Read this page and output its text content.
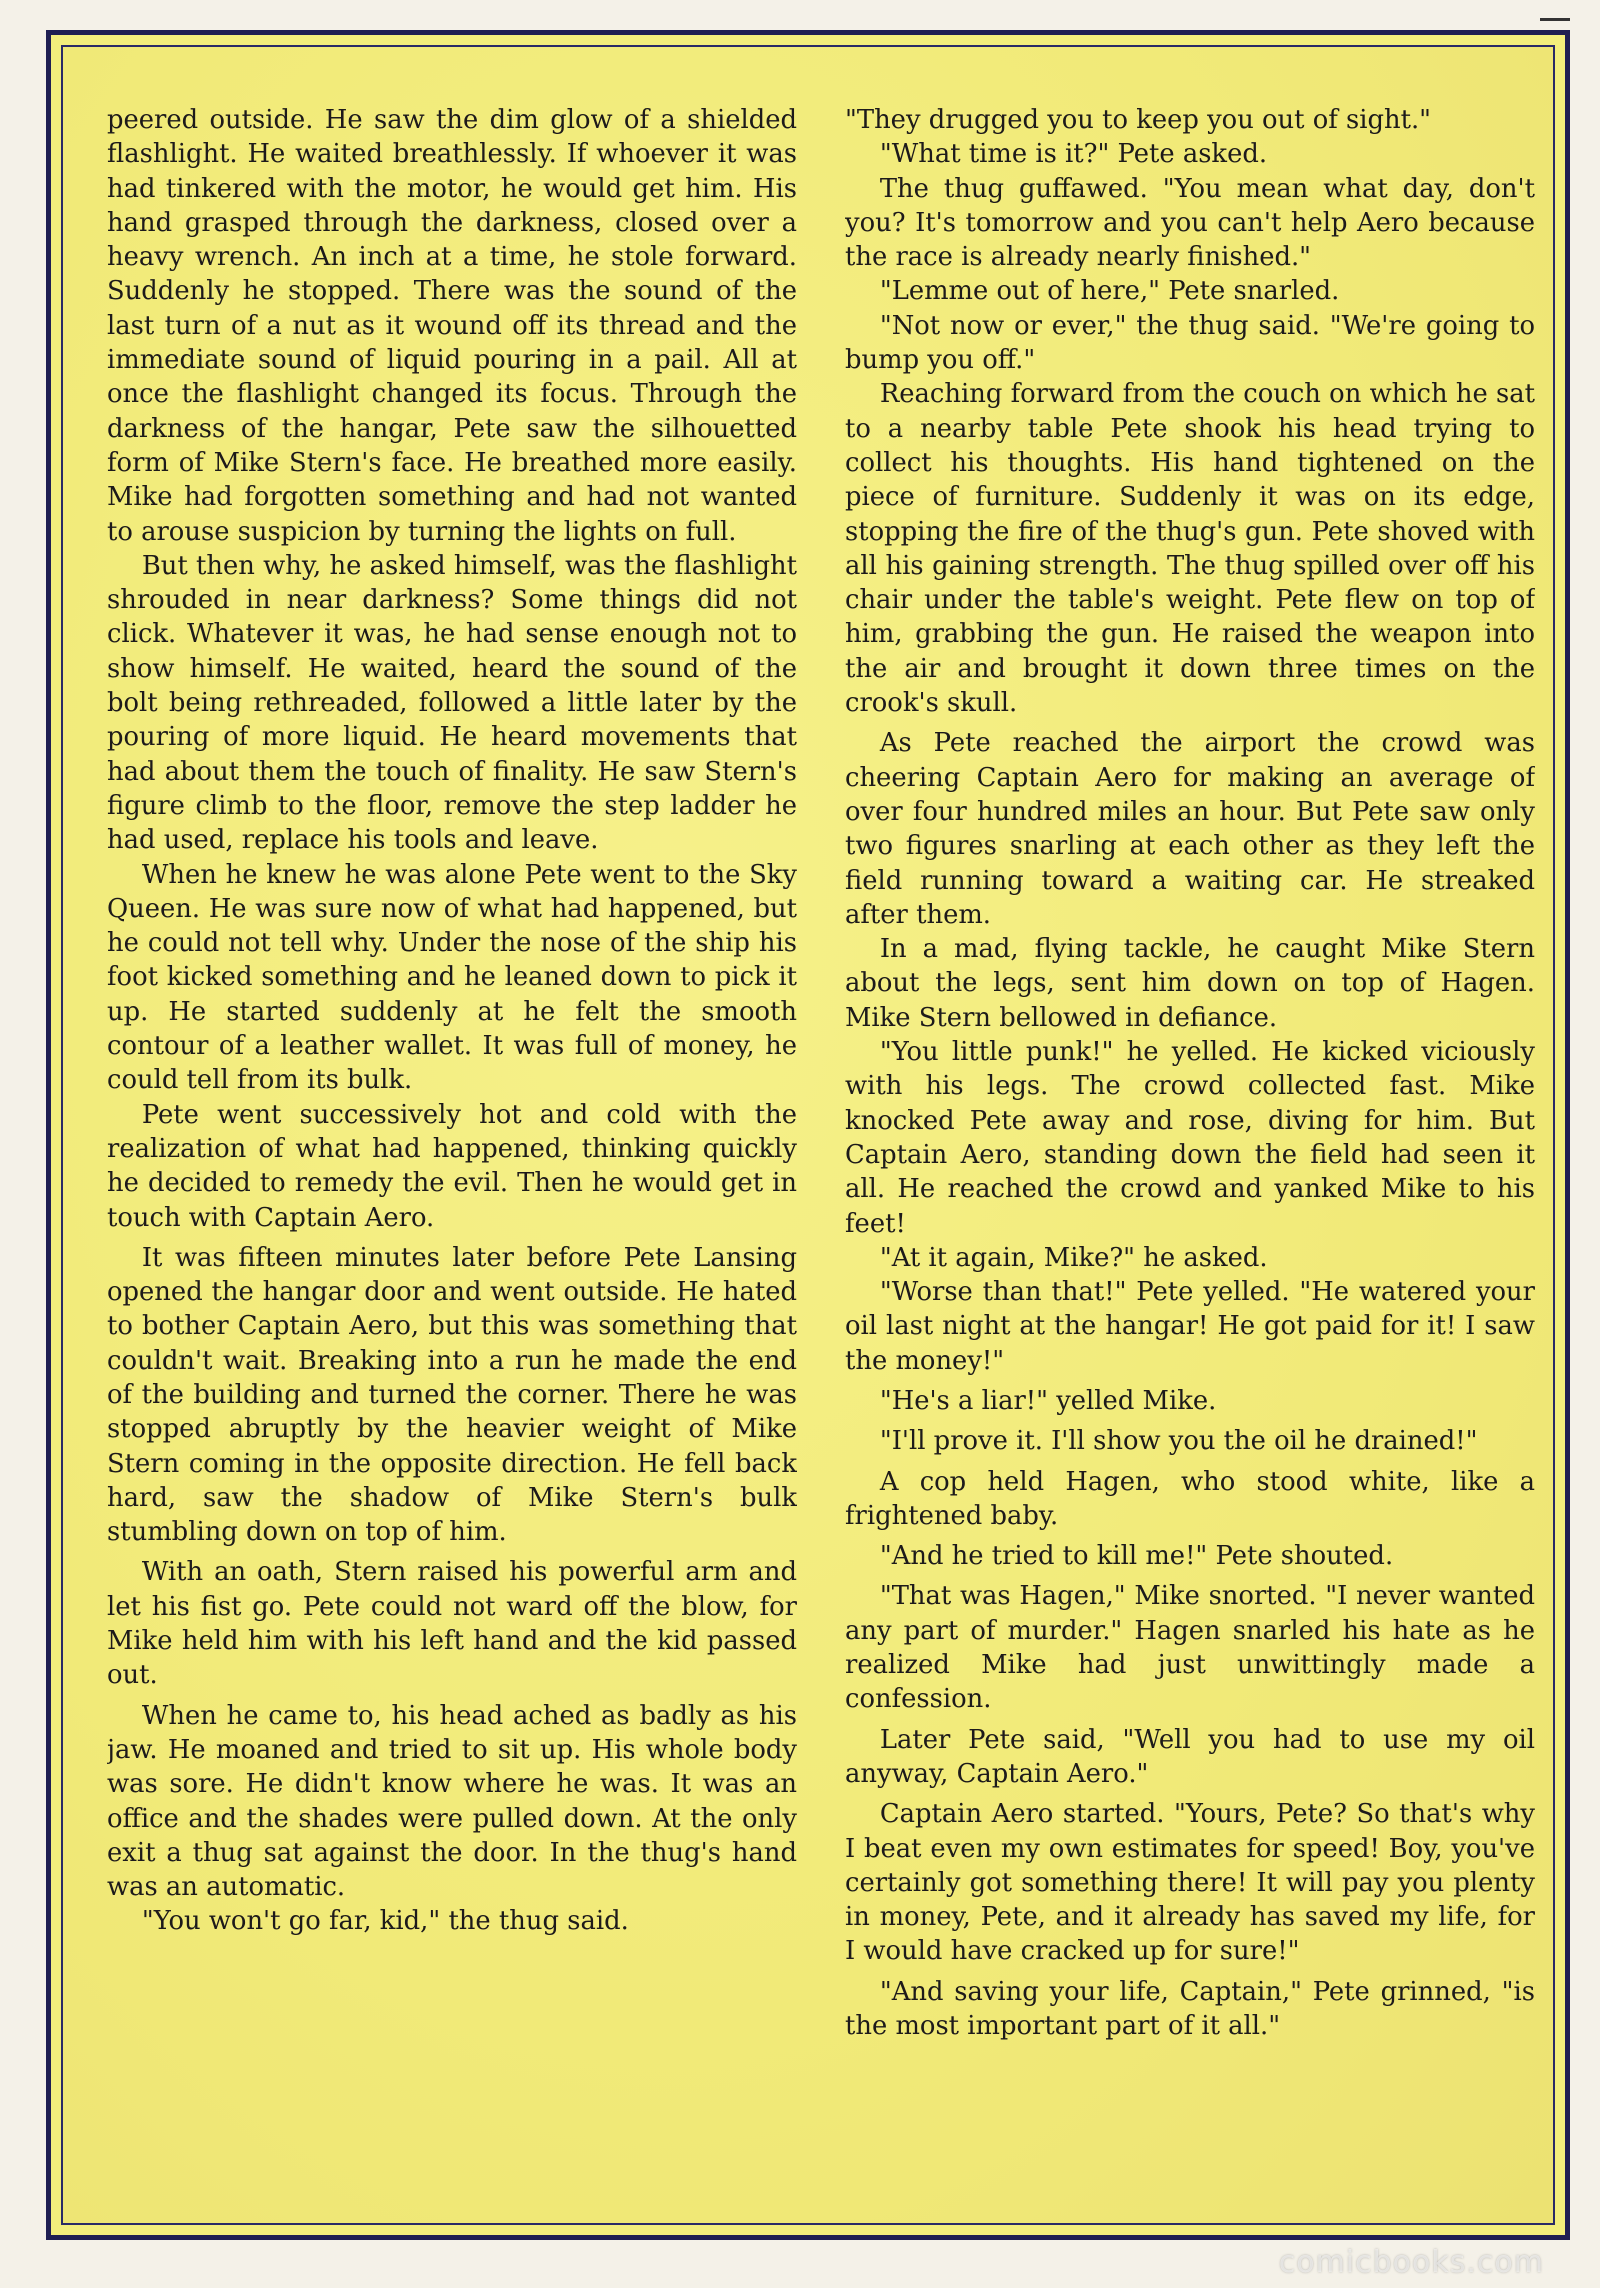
peered outside. He saw the dim glow of a shielded flashlight. He waited breathlessly. If whoever it was had tinkered with the motor, he would get him. His hand grasped through the darkness, closed over a heavy wrench. An inch at a time, he stole forward. Suddenly he stopped. There was the sound of the last turn of a nut as it wound off its thread and the immediate sound of liquid pouring in a pail. All at once the flashlight changed its focus. Through the darkness of the hangar, Pete saw the silhouetted form of Mike Stern's face. He breathed more easily. Mike had forgotten something and had not wanted to arouse suspicion by turning the lights on full.

But then why, he asked himself, was the flashlight shrouded in near darkness? Some things did not click. Whatever it was, he had sense enough not to show himself. He waited, heard the sound of the bolt being rethreaded, followed a little later by the pouring of more liquid. He heard movements that had about them the touch of finality. He saw Stern's figure climb to the floor, remove the step ladder he had used, replace his tools and leave.

When he knew he was alone Pete went to the Sky Queen. He was sure now of what had happened, but he could not tell why. Under the nose of the ship his foot kicked something and he leaned down to pick it up. He started suddenly at he felt the smooth contour of a leather wallet. It was full of money, he could tell from its bulk.

Pete went successively hot and cold with the realization of what had happened, thinking quickly he decided to remedy the evil. Then he would get in touch with Captain Aero.

It was fifteen minutes later before Pete Lansing opened the hangar door and went outside. He hated to bother Captain Aero, but this was something that couldn't wait. Breaking into a run he made the end of the building and turned the corner. There he was stopped abruptly by the heavier weight of Mike Stern coming in the opposite direction. He fell back hard, saw the shadow of Mike Stern's bulk stumbling down on top of him.

With an oath, Stern raised his powerful arm and let his fist go. Pete could not ward off the blow, for Mike held him with his left hand and the kid passed out.

When he came to, his head ached as badly as his jaw. He moaned and tried to sit up. His whole body was sore. He didn't know where he was. It was an office and the shades were pulled down. At the only exit a thug sat against the door. In the thug's hand was an automatic.

"You won't go far, kid," the thug said.

"They drugged you to keep you out of sight."

"What time is it?" Pete asked.

The thug guffawed. "You mean what day, don't you? It's tomorrow and you can't help Aero because the race is already nearly finished."

"Lemme out of here," Pete snarled.

"Not now or ever," the thug said. "We're going to bump you off."

Reaching forward from the couch on which he sat to a nearby table Pete shook his head trying to collect his thoughts. His hand tightened on the piece of furniture. Suddenly it was on its edge, stopping the fire of the thug's gun. Pete shoved with all his gaining strength. The thug spilled over off his chair under the table's weight. Pete flew on top of him, grabbing the gun. He raised the weapon into the air and brought it down three times on the crook's skull.

As Pete reached the airport the crowd was cheering Captain Aero for making an average of over four hundred miles an hour. But Pete saw only two figures snarling at each other as they left the field running toward a waiting car. He streaked after them.

In a mad, flying tackle, he caught Mike Stern about the legs, sent him down on top of Hagen. Mike Stern bellowed in defiance.

"You little punk!" he yelled. He kicked viciously with his legs. The crowd collected fast. Mike knocked Pete away and rose, diving for him. But Captain Aero, standing down the field had seen it all. He reached the crowd and yanked Mike to his feet!

"At it again, Mike?" he asked.

"Worse than that!" Pete yelled. "He watered your oil last night at the hangar! He got paid for it! I saw the money!"

"He's a liar!" yelled Mike.

"I'll prove it. I'll show you the oil he drained!"

A cop held Hagen, who stood white, like a frightened baby.

"And he tried to kill me!" Pete shouted.

"That was Hagen," Mike snorted. "I never wanted any part of murder." Hagen snarled his hate as he realized Mike had just unwittingly made a confession.

Later Pete said, "Well you had to use my oil anyway, Captain Aero."

Captain Aero started. "Yours, Pete? So that's why I beat even my own estimates for speed! Boy, you've certainly got something there! It will pay you plenty in money, Pete, and it already has saved my life, for I would have cracked up for sure!"

"And saving your life, Captain," Pete grinned, "is the most important part of it all."

comicbooks.com
